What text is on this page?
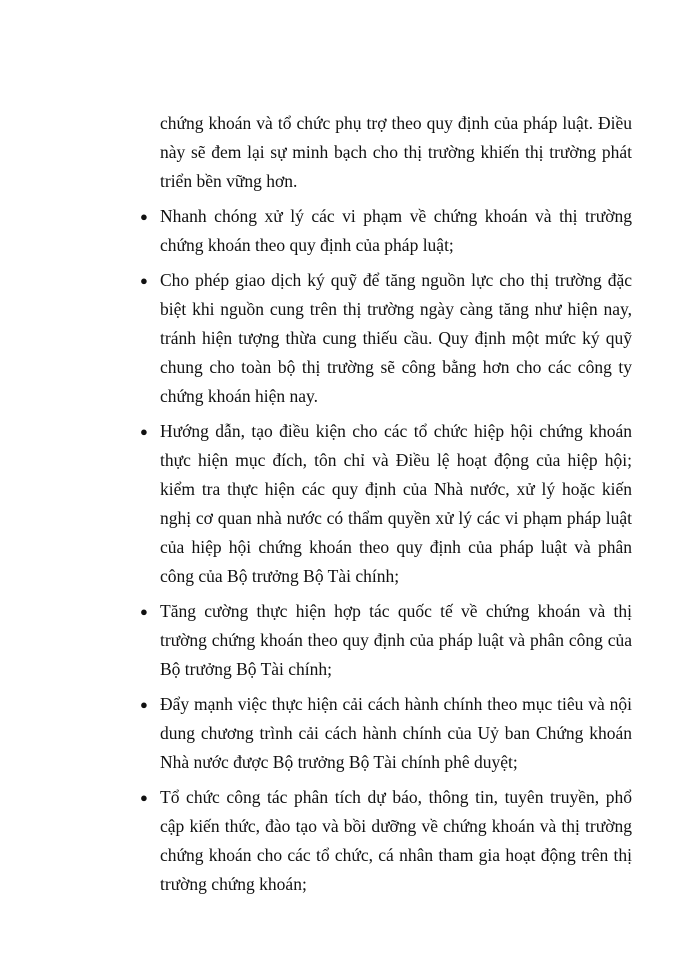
chứng khoán và tổ chức phụ trợ theo quy định của pháp luật. Điều này sẽ đem lại sự minh bạch cho thị trường khiến thị trường phát triển bền vững hơn.

● Nhanh chóng xử lý các vi phạm về chứng khoán và thị trường chứng khoán theo quy định của pháp luật;
● Cho phép giao dịch ký quỹ để tăng nguồn lực cho thị trường đặc biệt khi nguồn cung trên thị trường ngày càng tăng như hiện nay, tránh hiện tượng thừa cung thiếu cầu. Quy định một mức ký quỹ chung cho toàn bộ thị trường sẽ công bằng hơn cho các công ty chứng khoán hiện nay.
● Hướng dẫn, tạo điều kiện cho các tổ chức hiệp hội chứng khoán thực hiện mục đích, tôn chỉ và Điều lệ hoạt động của hiệp hội; kiểm tra thực hiện các quy định của Nhà nước, xử lý hoặc kiến nghị cơ quan nhà nước có thẩm quyền xử lý các vi phạm pháp luật của hiệp hội chứng khoán theo quy định của pháp luật và phân công của Bộ trưởng Bộ Tài chính;
● Tăng cường thực hiện hợp tác quốc tế về chứng khoán và thị trường chứng khoán theo quy định của pháp luật và phân công của Bộ trưởng Bộ Tài chính;
● Đẩy mạnh việc thực hiện cải cách hành chính theo mục tiêu và nội dung chương trình cải cách hành chính của Uỷ ban Chứng khoán Nhà nước được Bộ trưởng Bộ Tài chính phê duyệt;
● Tổ chức công tác phân tích dự báo, thông tin, tuyên truyền, phổ cập kiến thức, đào tạo và bồi dưỡng về chứng khoán và thị trường chứng khoán cho các tổ chức, cá nhân tham gia hoạt động trên thị trường chứng khoán;
